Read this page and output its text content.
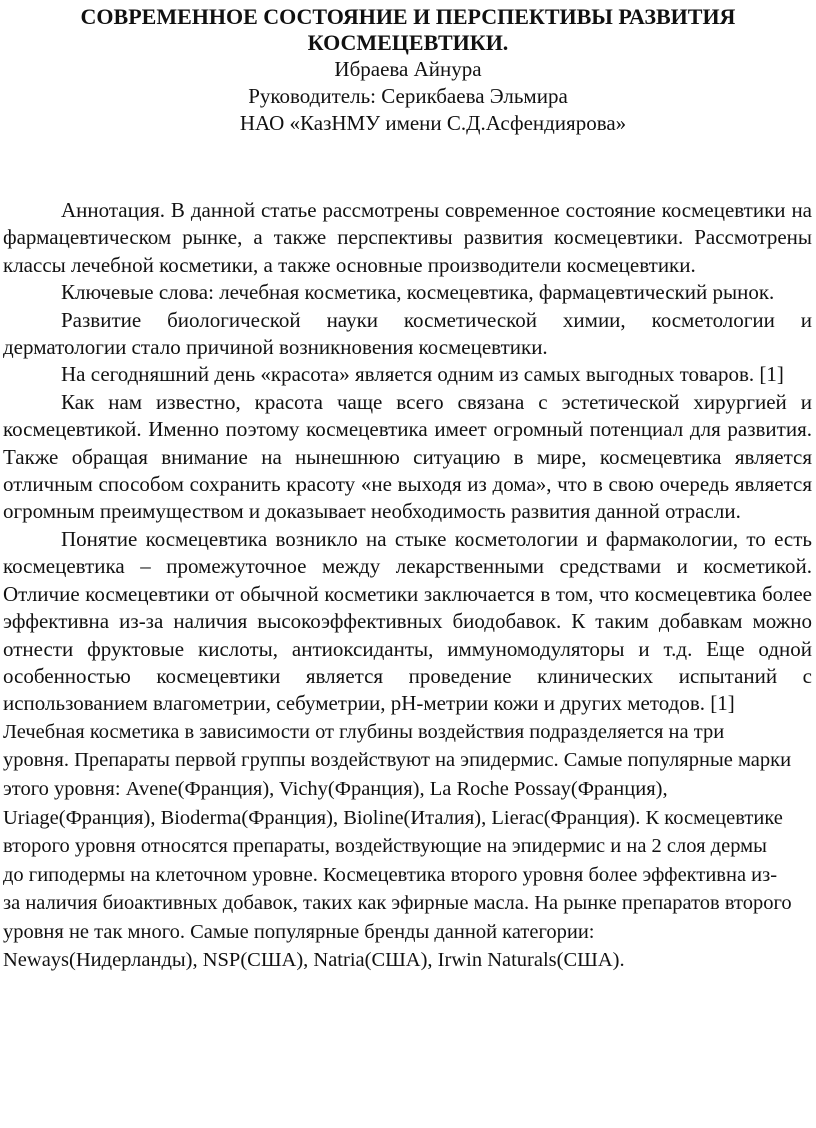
СОВРЕМЕННОЕ СОСТОЯНИЕ И ПЕРСПЕКТИВЫ РАЗВИТИЯ
КОСМЕЦЕВТИКИ.
Ибраева Айнура
Руководитель: Серикбаева Эльмира
НАО «КазНМУ имени С.Д.Асфендиярова»

Аннотация. В данной статье рассмотрены современное состояние космецевтики на фармацевтическом рынке, а также перспективы развития космецевтики. Рассмотрены классы лечебной косметики, а также основные производители космецевтики.

Ключевые слова: лечебная косметика, космецевтика, фармацевтический рынок.

Развитие биологической науки косметической химии, косметологии и дерматологии стало причиной возникновения космецевтики.

На сегодняшний день «красота» является одним из самых выгодных товаров. [1]

Как нам известно, красота чаще всего связана с эстетической хирургией и космецевтикой. Именно поэтому космецевтика имеет огромный потенциал для развития. Также обращая внимание на нынешнюю ситуацию в мире, космецевтика является отличным способом сохранить красоту «не выходя из дома», что в свою очередь является огромным преимуществом и доказывает необходимость развития данной отрасли.

Понятие космецевтика возникло на стыке косметологии и фармакологии, то есть космецевтика – промежуточное между лекарственными средствами и косметикой. Отличие космецевтики от обычной косметики заключается в том, что космецевтика более эффективна из-за наличия высокоэффективных биодобавок. К таким добавкам можно отнести фруктовые кислоты, антиоксиданты, иммуномодуляторы и т.д. Еще одной особенностью космецевтики является проведение клинических испытаний с использованием влагометрии, себуметрии, pH-метрии кожи и других методов. [1]

Лечебная косметика в зависимости от глубины воздействия подразделяется на три уровня. Препараты первой группы воздействуют на эпидермис. Самые популярные марки этого уровня: Avene(Франция), Vichy(Франция), La Roche Possay(Франция), Uriage(Франция), Bioderma(Франция), Bioline(Италия), Lierac(Франция). К космецевтике второго уровня относятся препараты, воздействующие на эпидермис и на 2 слоя дермы до гиподермы на клеточном уровне. Космецевтика второго уровня более эффективна из-за наличия биоактивных добавок, таких как эфирные масла. На рынке препаратов второго уровня не так много. Самые популярные бренды данной категории: Neways(Нидерланды), NSP(США), Natria(США), Irwin Naturals(США).
